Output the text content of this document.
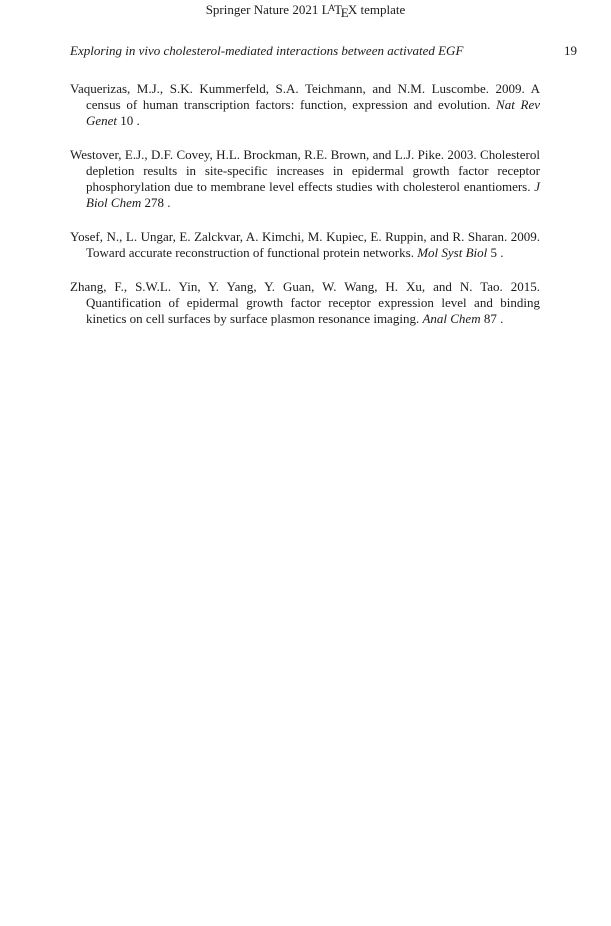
Springer Nature 2021 $L^ATEX$ template
Exploring in vivo cholesterol-mediated interactions between activated EGF	19

Vaquerizas, M.J., S.K. Kummerfeld, S.A. Teichmann, and N.M. Luscombe. 2009. A census of human transcription factors: function, expression and evolution. Nat Rev Genet 10 .

Westover, E.J., D.F. Covey, H.L. Brockman, R.E. Brown, and L.J. Pike. 2003. Cholesterol depletion results in site-specific increases in epidermal growth factor receptor phosphorylation due to membrane level effects studies with cholesterol enantiomers. J Biol Chem 278 .

Yosef, N., L. Ungar, E. Zalckvar, A. Kimchi, M. Kupiec, E. Ruppin, and R. Sharan. 2009. Toward accurate reconstruction of functional protein networks. Mol Syst Biol 5 .

Zhang, F., S.W.L. Yin, Y. Yang, Y. Guan, W. Wang, H. Xu, and N. Tao. 2015. Quantification of epidermal growth factor receptor expression level and binding kinetics on cell surfaces by surface plasmon resonance imaging. Anal Chem 87 .
